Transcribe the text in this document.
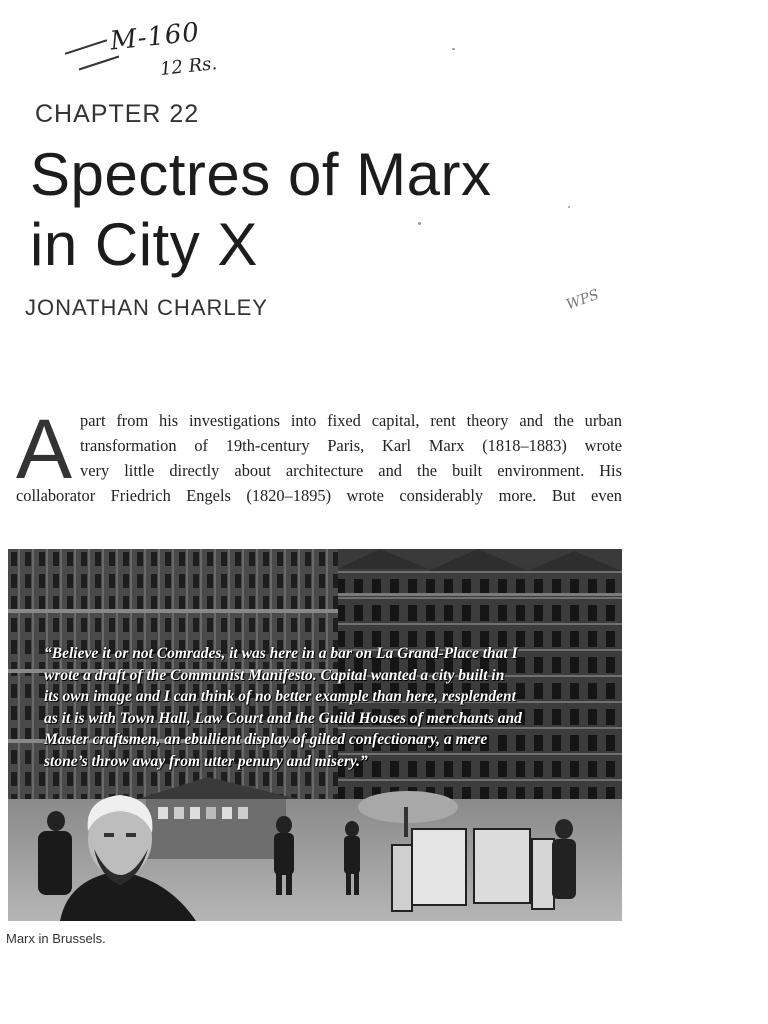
M-160
12 Rs.
WPS
CHAPTER 22
Spectres of Marx
in City X
JONATHAN CHARLEY
A part from his investigations into fixed capital, rent theory and the urban
transformation of 19th-century Paris, Karl Marx (1818–1883) wrote
very little directly about architecture and the built environment. His
collaborator Friedrich Engels (1820–1895) wrote considerably more. But even
“Believe it or not Comrades, it was here in a bar on La Grand-Place that I
wrote a draft of the Communist Manifesto. Capital wanted a city built in
its own image and I can think of no better example than here, resplendent
as it is with Town Hall, Law Court and the Guild Houses of merchants and
Master craftsmen, an ebullient display of gilted confectionary, a mere
stone’s throw away from utter penury and misery.”
Marx in Brussels.
